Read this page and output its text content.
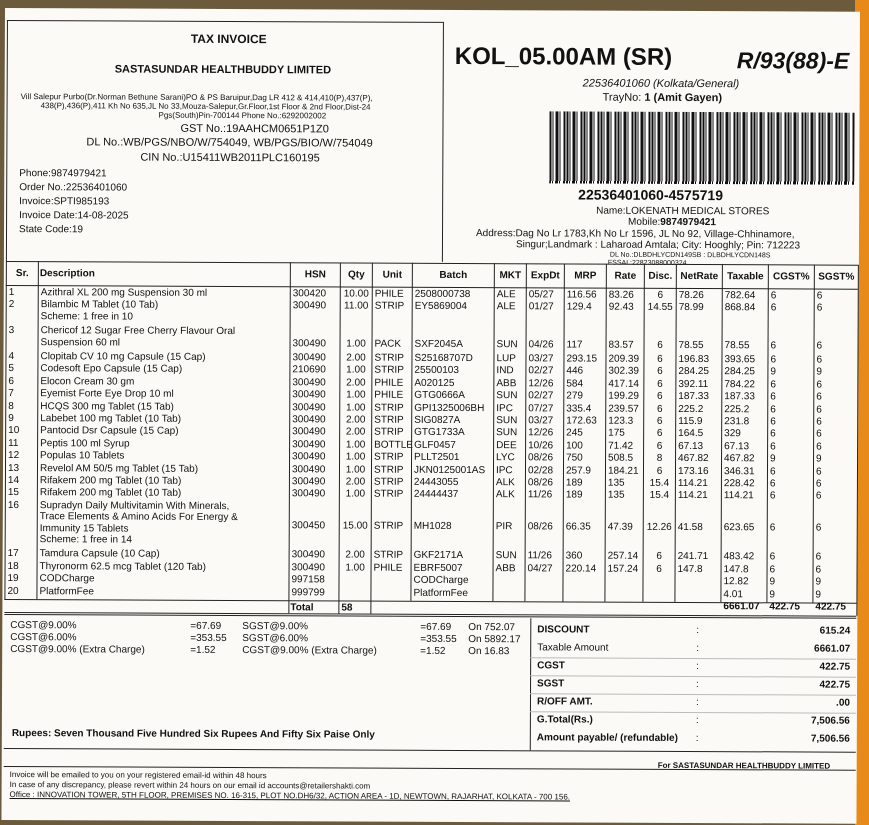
TAX INVOICE
SASTASUNDAR HEALTHBUDDY LIMITED
Vill Salepur Purbo(Dr.Norman Bethune Sarani)PO & PS Baruipur,Dag LR 412 & 414,410(P),437(P),
438(P),436(P),411 Kh No 635,JL No 33,Mouza-Salepur,Gr.Floor,1st Floor & 2nd Floor,Dist-24
Pgs(South)Pin-700144 Phone No.:6292002002
GST No.:19AAHCM0651P1Z0
DL No.:WB/PGS/NBO/W/754049, WB/PGS/BIO/W/754049
CIN No.:U15411WB2011PLC160195
Phone:9874979421
Order No.:22536401060
Invoice:SPTI985193
Invoice Date:14-08-2025
State Code:19
KOL_05.00AM (SR)	R/93(88)-E
22536401060 (Kolkata/General)
TrayNo: 1 (Amit Gayen)
22536401060-4575719
Name:LOKENATH MEDICAL STORES
Mobile:9874979421
Address:Dag No Lr 1783,Kh No Lr 1596, JL No 92, Village-Chhinamore,
Singur;Landmark : Laharoad Amtala; City: Hooghly; Pin: 712223
DL No.:DLBDHLYCDN149SB : DLBDHLYCDN148S
FSSAI.:22823088000324
Sr.	Description	HSN	Qty	Unit	Batch	MKT ExpDt	MRP	Rate	Disc. NetRate Taxable CGST% SGST%
1	Azithral XL 200 mg Suspension 30 ml	300420	10.00 PHILE	2508000738	ALE	05/27	116.56	83.26	6	78.26	782.64	6	6
2	Bilambic M Tablet (10 Tab)
Scheme: 1 free in 10
300490	11.00 STRIP	EY5869004	ALE	01/27	129.4	92.43	14.55 78.99	868.84	6	6
3	Chericof 12 Sugar Free Cherry Flavour Oral
Suspension 60 ml	300490	1.00 PACK	SXF2045A	SUN	04/26	117	83.57	6	78.55	78.55	6	6
4	Clopitab CV 10 mg Capsule (15 Cap)	300490	2.00 STRIP	S25168707D	LUP	03/27	293.15	209.39	6	196.83	393.65	6	6
5	Codesoft Epo Capsule (15 Cap)	210690	1.00 STRIP	25500103	IND	02/27	446	302.39	6	284.25	284.25	9	9
6	Elocon Cream 30 gm	300490	2.00 PHILE	A020125	ABB	12/26	584	417.14	6	392.11	784.22	6	6
7	Eyemist Forte Eye Drop 10 ml	300490	1.00 PHILE	GTG0666A	SUN	02/27	279	199.29	6	187.33	187.33	6	6
8	HCQS 300 mg Tablet (15 Tab)	300490	1.00 STRIP	GPI1325006BH	IPC	07/27	335.4	239.57	6	225.2	225.2	6	6
9	Labebet 100 mg Tablet (10 Tab)	300490	2.00 STRIP	SIG0827A	SUN	03/27	172.63	123.3	6	115.9	231.8	6	6
10	Pantocid Dsr Capsule (15 Cap)	300490	2.00 STRIP	GTG1733A	SUN	12/26	245	175	6	164.5	329	6	6
11	Peptis 100 ml Syrup	300490	1.00 BOTTLE GLF0457	DEE	10/26	100	71.42	6	67.13	67.13	6	6
12	Populas 10 Tablets	300490	1.00 STRIP	PLLT2501	LYC	08/26	750	508.5	8	467.82	467.82	9	9
13	Revelol AM 50/5 mg Tablet (15 Tab)	300490	1.00 STRIP	JKN0125001AS	IPC	02/28	257.9	184.21	6	173.16	346.31	6	6
14	Rifakem 200 mg Tablet (10 Tab)	300490	2.00 STRIP	24443055	ALK	08/26	189	135	15.4 114.21	228.42	6	6
15	Rifakem 200 mg Tablet (10 Tab)	300490	1.00 STRIP	24444437	ALK	11/26	189	135	15.4 114.21	114.21	6	6
16	Supradyn Daily Multivitamin With Minerals,
Trace Elements & Amino Acids For Energy &
Immunity 15 Tablets
Scheme: 1 free in 14
300450	15.00 STRIP	MH1028	PIR	08/26	66.35	47.39	12.26 41.58	623.65	6	6
17	Tamdura Capsule (10 Cap)	300490	2.00 STRIP	GKF2171A	SUN	11/26	360	257.14	6	241.71	483.42	6	6
18	Thyronorm 62.5 mcg Tablet (120 Tab)	300490	1.00 PHILE	EBRF5007	ABB	04/27	220.14	157.24	6	147.8	147.8	6	6
19	CODCharge	997158	CODCharge	12.82	9	9
20	PlatformFee	999799	PlatformFee	4.01	9	9
Total	58	6661.07 422.75 422.75
CGST@9.00%	=67.69 SGST@9.00%	=67.69 On 752.07
CGST@6.00%	=353.55 SGST@6.00%	=353.55 On 5892.17
CGST@9.00% (Extra Charge)	=1.52	CGST@9.00% (Extra Charge)	=1.52 On 16.83
DISCOUNT	:	615.24
Taxable Amount	:	6661.07
CGST	:	422.75
SGST	:	422.75
R/OFF AMT.	:	.00
G.Total(Rs.)	:	7,506.56
Amount payable/ (refundable)	:	7,506.56
Rupees: Seven Thousand Five Hundred Six Rupees And Fifty Six Paise Only
For SASTASUNDAR HEALTHBUDDY LIMITED
Invoice will be emailed to you on your registered email-id within 48 hours
In case of any discrepancy, please revert within 24 hours on our email id accounts@retailershakti.com
Office : INNOVATION TOWER, 5TH FLOOR, PREMISES NO. 16-315, PLOT NO.DH6/32, ACTION AREA - 1D, NEWTOWN, RAJARHAT, KOLKATA - 700 156.
